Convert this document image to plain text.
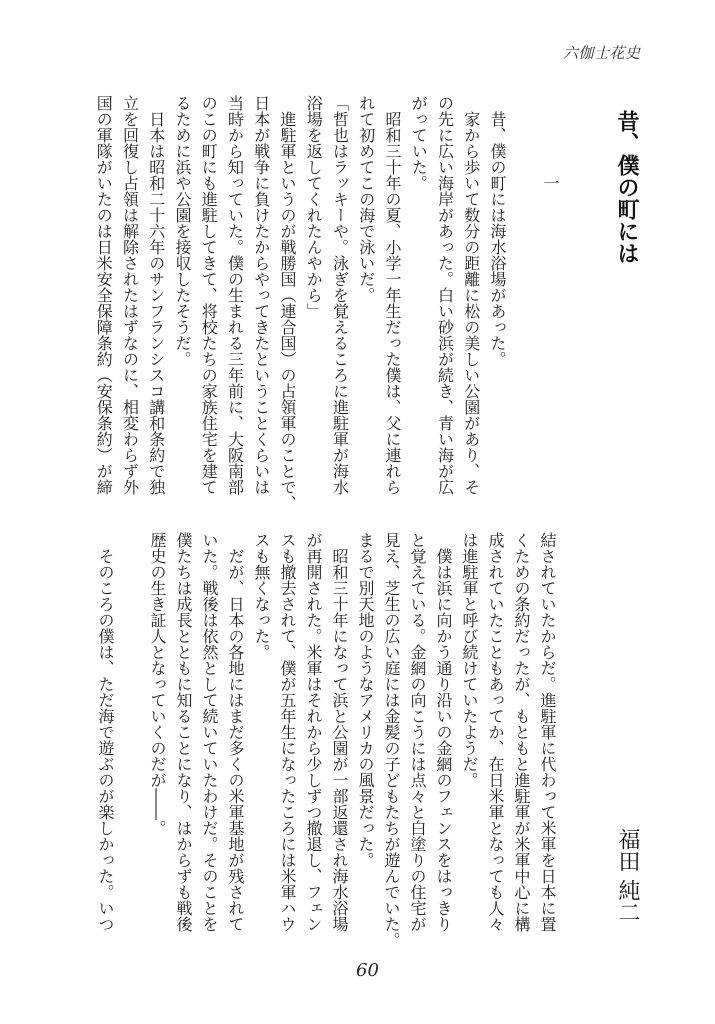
六伽士花史
昔、僕の町には
一
福田 純二
　昔、僕の町には海水浴場があった。
　家から歩いて数分の距離に松の美しい公園があり、そ
の先に広い海岸があった。白い砂浜が続き、青い海が広
がっていた。
　昭和三十年の夏、小学一年生だった僕は、父に連れら
れて初めてこの海で泳いだ。
「哲也はラッキーや。泳ぎを覚えるころに進駐軍が海水
浴場を返してくれたんやから」
　進駐軍というのが戦勝国（連合国）の占領軍のことで、
日本が戦争に負けたからやってきたということくらいは
当時から知っていた。僕の生まれる三年前に、大阪南部
のこの町にも進駐してきて、将校たちの家族住宅を建て
るために浜や公園を接収したそうだ。
　日本は昭和二十六年のサンフランシスコ講和条約で独
立を回復し占領は解除されたはずなのに、相変わらず外
国の軍隊がいたのは日米安全保障条約（安保条約）が締
結されていたからだ。進駐軍に代わって米軍を日本に置
くための条約だったが、もともと進駐軍が米軍中心に構
成されていたこともあってか、在日米軍となっても人々
は進駐軍と呼び続けていたようだ。
　僕は浜に向かう通り沿いの金網のフェンスをはっきり
と覚えている。金網の向こうには点々と白塗りの住宅が
見え、芝生の広い庭には金髪の子どもたちが遊んでいた。
まるで別天地のようなアメリカの風景だった。
　昭和三十年になって浜と公園が一部返還され海水浴場
が再開された。米軍はそれから少しずつ撤退し、フェン
スも撤去されて、僕が五年生になったころには米軍ハウ
スも無くなった。
　だが、日本の各地にはまだ多くの米軍基地が残されて
いた。戦後は依然として続いていたわけだ。そのことを
僕たちは成長とともに知ることになり、はからずも戦後
歴史の生き証人となっていくのだが――。
　そのころの僕は、ただ海で遊ぶのが楽しかった。いつ
60
